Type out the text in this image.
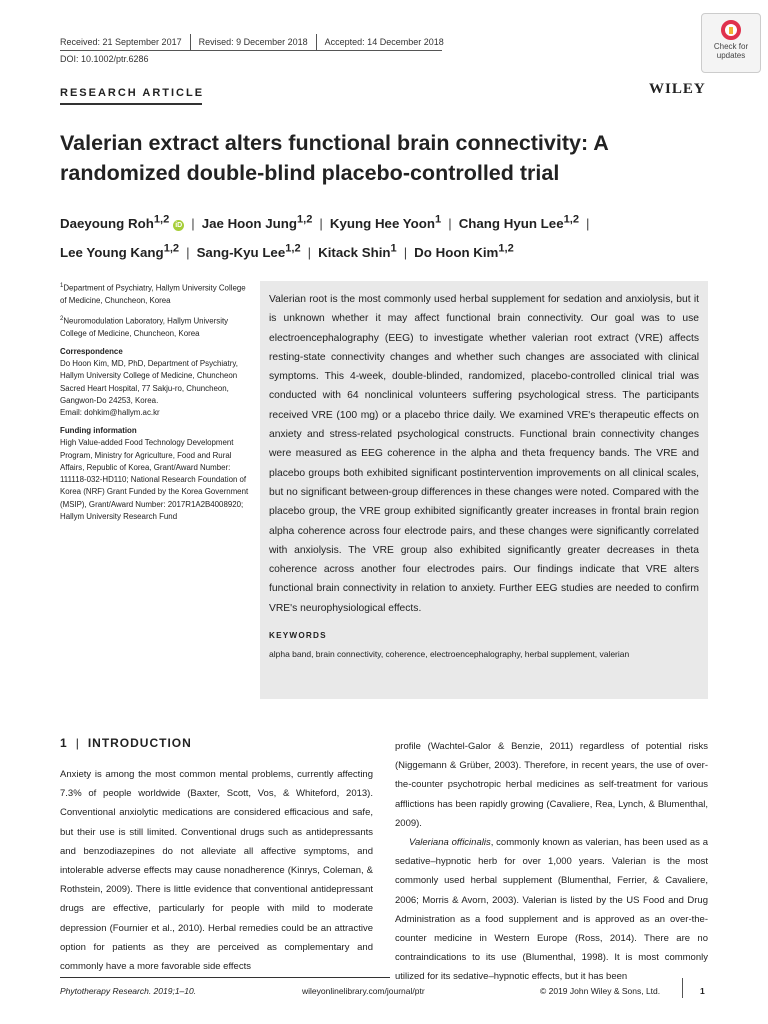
Received: 21 September 2017	Revised: 9 December 2018	Accepted: 14 December 2018
DOI: 10.1002/ptr.6286
Check for
updates
RESEARCH ARTICLE	WILEY
Valerian extract alters functional brain connectivity: A randomized double-blind placebo-controlled trial
Daeyoung Roh$^{1,2}$ iD | Jae Hoon Jung$^{1,2}$ | Kyung Hee Yoon$^1$ | Chang Hyun Lee$^{1,2}$ |
Lee Young Kang$^{1,2}$ | Sang-Kyu Lee$^{1,2}$ | Kitack Shin$^1$ | Do Hoon Kim$^{1,2}$

$^1$Department of Psychiatry, Hallym University College of Medicine, Chuncheon, Korea

$^2$Neuromodulation Laboratory, Hallym University College of Medicine, Chuncheon, Korea

Correspondence

Do Hoon Kim, MD, PhD, Department of Psychiatry, Hallym University College of Medicine, Chuncheon Sacred Heart Hospital, 77 Sakju-ro, Chuncheon, Gangwon-Do 24253, Korea.

Email: dohkim@hallym.ac.kr

Funding information

High Value-added Food Technology Development Program, Ministry for Agriculture, Food and Rural Affairs, Republic of Korea, Grant/Award Number: 111118-032-HD110; National Research Foundation of Korea (NRF) Grant Funded by the Korea Government (MSIP), Grant/Award Number: 2017R1A2B4008920; Hallym University Research Fund

Valerian root is the most commonly used herbal supplement for sedation and anxiolysis, but it is unknown whether it may affect functional brain connectivity. Our goal was to use electroencephalography (EEG) to investigate whether valerian root extract (VRE) affects resting-state connectivity changes and whether such changes are associated with clinical symptoms. This 4-week, double-blinded, randomized, placebo-controlled clinical trial was conducted with 64 nonclinical volunteers suffering psychological stress. The participants received VRE (100 mg) or a placebo thrice daily. We examined VRE's therapeutic effects on anxiety and stress-related psychological constructs. Functional brain connectivity changes were measured as EEG coherence in the alpha and theta frequency bands. The VRE and placebo groups both exhibited significant postintervention improvements on all clinical scales, but no significant between-group differences in these changes were noted. Compared with the placebo group, the VRE group exhibited significantly greater increases in frontal brain region alpha coherence across four electrode pairs, and these changes were significantly correlated with anxiolysis. The VRE group also exhibited significantly greater decreases in theta coherence across another four electrodes pairs. Our findings indicate that VRE alters functional brain connectivity in relation to anxiety. Further EEG studies are needed to confirm VRE's neurophysiological effects.
KEYWORDS
alpha band, brain connectivity, coherence, electroencephalography, herbal supplement, valerian
1 | INTRODUCTION

Anxiety is among the most common mental problems, currently affecting 7.3% of people worldwide (Baxter, Scott, Vos, & Whiteford, 2013). Conventional anxiolytic medications are considered efficacious and safe, but their use is still limited. Conventional drugs such as antidepressants and benzodiazepines do not alleviate all affective symptoms, and intolerable adverse effects may cause nonadherence (Kinrys, Coleman, & Rothstein, 2009). There is little evidence that conventional antidepressant drugs are effective, particularly for people with mild to moderate depression (Fournier et al., 2010). Herbal remedies could be an attractive option for patients as they are perceived as complementary and commonly have a more favorable side effects

profile (Wachtel-Galor & Benzie, 2011) regardless of potential risks (Niggemann & Grüber, 2003). Therefore, in recent years, the use of over-the-counter psychotropic herbal medicines as self-treatment for various afflictions has been rapidly growing (Cavaliere, Rea, Lynch, & Blumenthal, 2009).

Valeriana officinalis, commonly known as valerian, has been used as a sedative–hypnotic herb for over 1,000 years. Valerian is the most commonly used herbal supplement (Blumenthal, Ferrier, & Cavaliere, 2006; Morris & Avorn, 2003). Valerian is listed by the US Food and Drug Administration as a food supplement and is approved as an over-the-counter medicine in Western Europe (Ross, 2014). There are no contraindications to its use (Blumenthal, 1998). It is most commonly utilized for its sedative–hypnotic effects, but it has been

Phytotherapy Research. 2019;1–10.	wileyonlinelibrary.com/journal/ptr	© 2019 John Wiley & Sons, Ltd.	1
